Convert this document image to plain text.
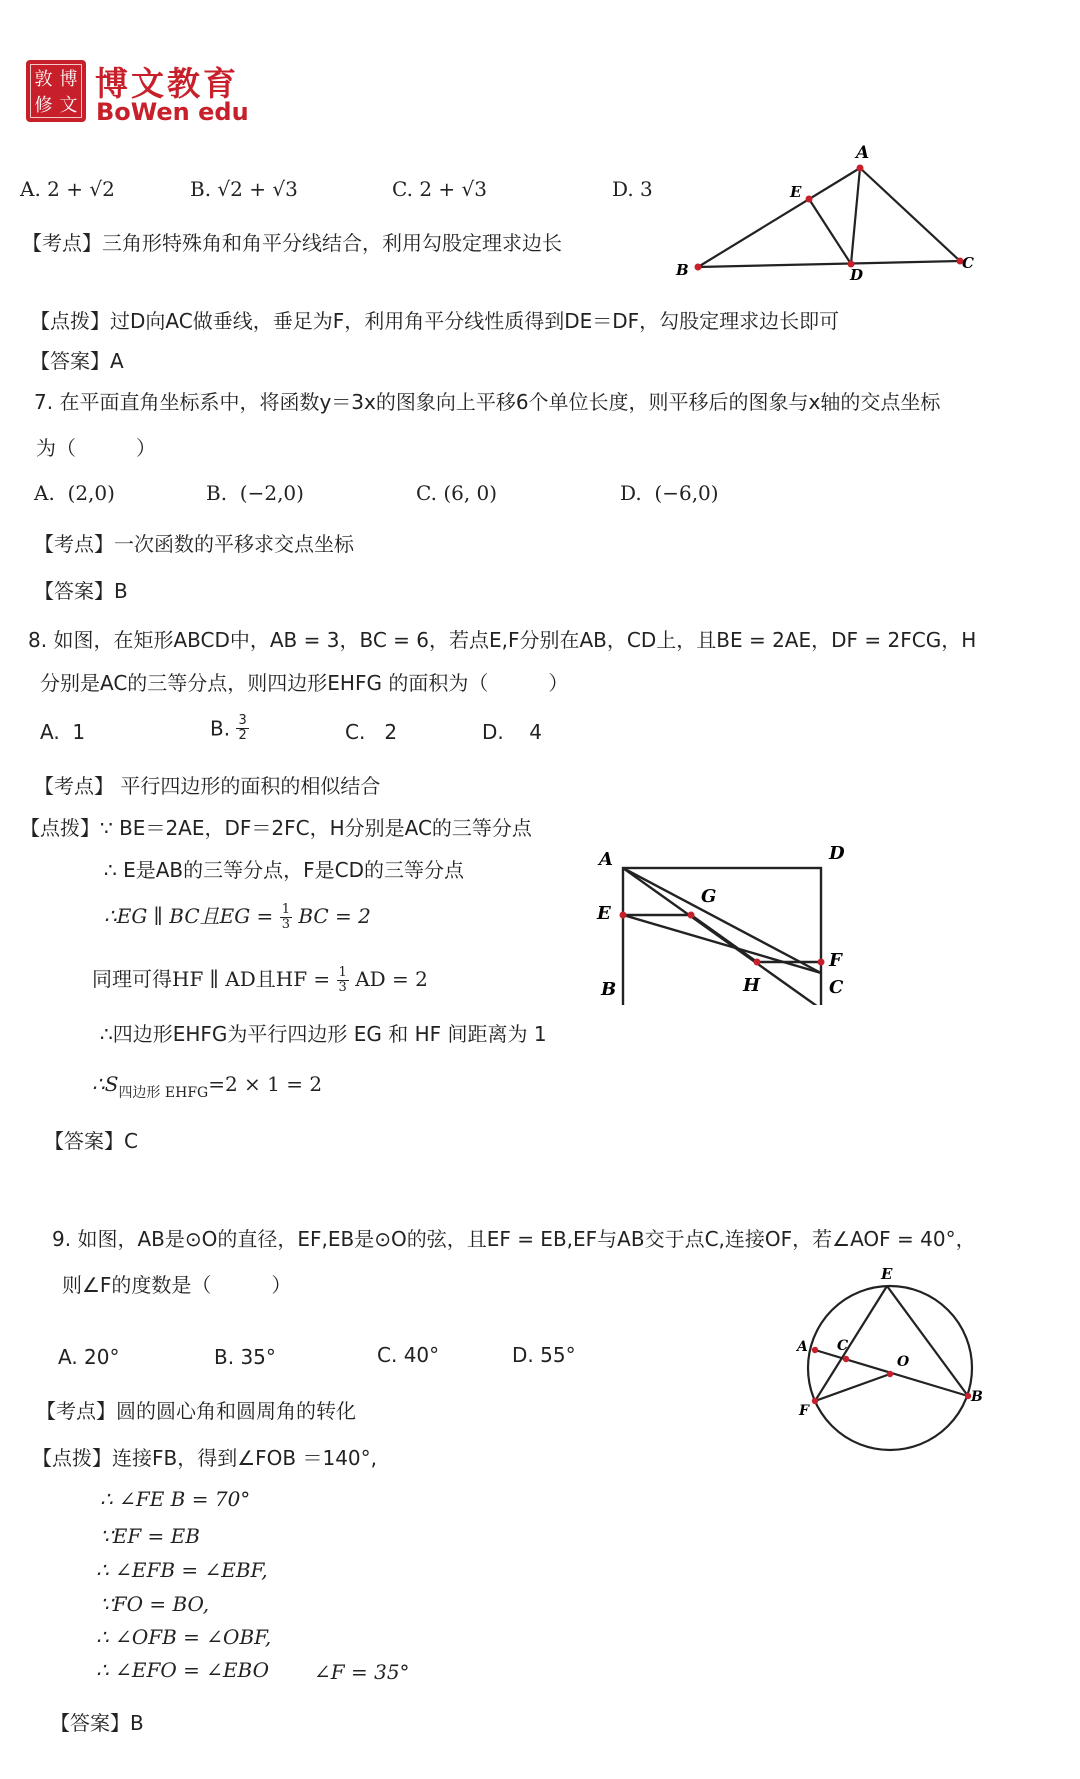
敦 博
修 文
博文教育
BoWen edu
A. 2 + √2	B. √2 + √3	C. 2 + √3	D. 3
【考点】三角形特殊角和角平分线结合，利用勾股定理求边长
A
B	C
D
E
【点拨】过D向AC做垂线，垂足为F，利用角平分线性质得到DE＝DF，勾股定理求边长即可
【答案】A
7. 在平面直角坐标系中，将函数y＝3x的图象向上平移6个单位长度，则平移后的图象与x轴的交点坐标
为（　　　）
A. (2,0)	B. (−2,0)	C. (6, 0)	D. (−6,0)
【考点】一次函数的平移求交点坐标
【答案】B
8. 如图，在矩形ABCD中，AB = 3，BC = 6，若点E,F分别在AB，CD上，且BE = 2AE，DF = 2FCG，H
分别是AC的三等分点，则四边形EHFG 的面积为（　　　）
A. 1	B. $\frac{3}{2}$	C. 2	D. 4
【考点】 平行四边形的面积的相似结合
【点拨】∵ BE＝2AE，DF＝2FC，H分别是AC的三等分点
∴ E是AB的三等分点，F是CD的三等分点
∴EG ∥ BC且EG = $\frac{1}{3}$ BC = 2
同理可得HF ∥ AD且HF = $\frac{1}{3}$ AD = 2
∴四边形EHFG为平行四边形 EG 和 HF 间距离为 1
$\therefore S_{四边形 EHFG}=2 \times 1 = 2$
【答案】C
A	D
E
G
F
H
B	C
9. 如图，AB是⊙O的直径，EF,EB是⊙O的弦，且EF = EB,EF与AB交于点C,连接OF，若∠AOF = 40°，
则∠F的度数是（　　　）
A. 20°	B. 35°	C. 40°	D. 55°
【考点】圆的圆心角和圆周角的转化
【点拨】连接FB，得到∠FOB ＝140°,
∴ ∠FE B = 70°
∵EF = EB
∴ ∠EFB = ∠EBF,
∵FO = BO,
∴ ∠OFB = ∠OBF,
∴ ∠EFO = ∠EBO ∠F = 35°
【答案】B
E
A C
O
B
F
